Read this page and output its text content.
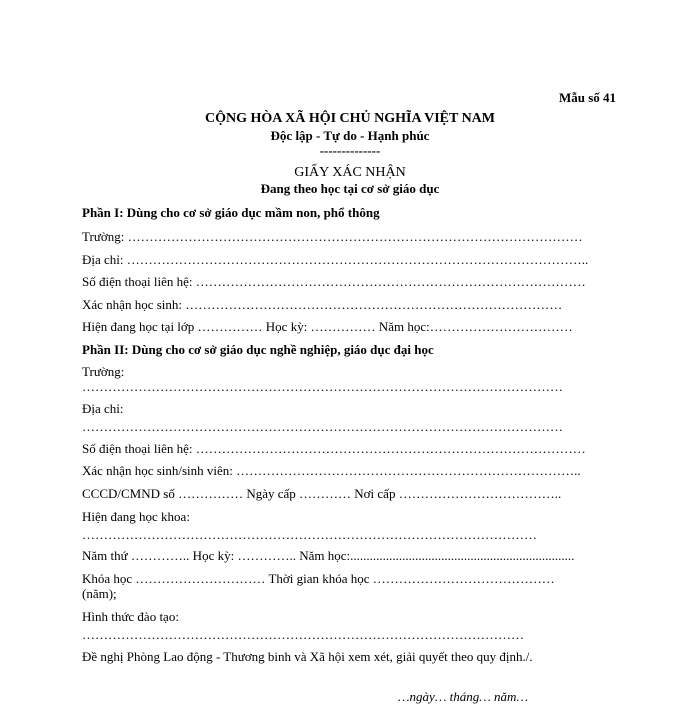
Mẫu số 41
CỘNG HÒA XÃ HỘI CHỦ NGHĨA VIỆT NAM
Độc lập - Tự do - Hạnh phúc
--------------
GIẤY XÁC NHẬN
Đang theo học tại cơ sở giáo dục
Phần I: Dùng cho cơ sở giáo dục mầm non, phổ thông
Trường: ……………………………………………………………………………………………
Địa chỉ: ……………………………………………………………………………………………..
Số điện thoại liên hệ: ………………………………………………………………………………
Xác nhận học sinh: ……………………………………………………………………………
Hiện đang học tại lớp …………… Học kỳ: …………… Năm học:……………………………
Phần II: Dùng cho cơ sở giáo dục nghề nghiệp, giáo dục đại học
Trường:
…………………………………………………………………………………………………
Địa chỉ:
…………………………………………………………………………………………………
Số điện thoại liên hệ: ………………………………………………………………………………
Xác nhận học sinh/sinh viên: ……………………………………………………………………..
CCCD/CMND số …………… Ngày cấp ………… Nơi cấp ………………………………..
Hiện đang học khoa:
……………………………………………………………………………………………
Năm thứ ………….. Học kỳ: ………….. Năm học:.....................................................................
Khóa học ………………………… Thời gian khóa học ……………………………………
(năm);
Hình thức đào tạo:
…………………………………………………………………………………………
Đề nghị Phòng Lao động - Thương binh và Xã hội xem xét, giải quyết theo quy định./.
…ngày… tháng… năm…
